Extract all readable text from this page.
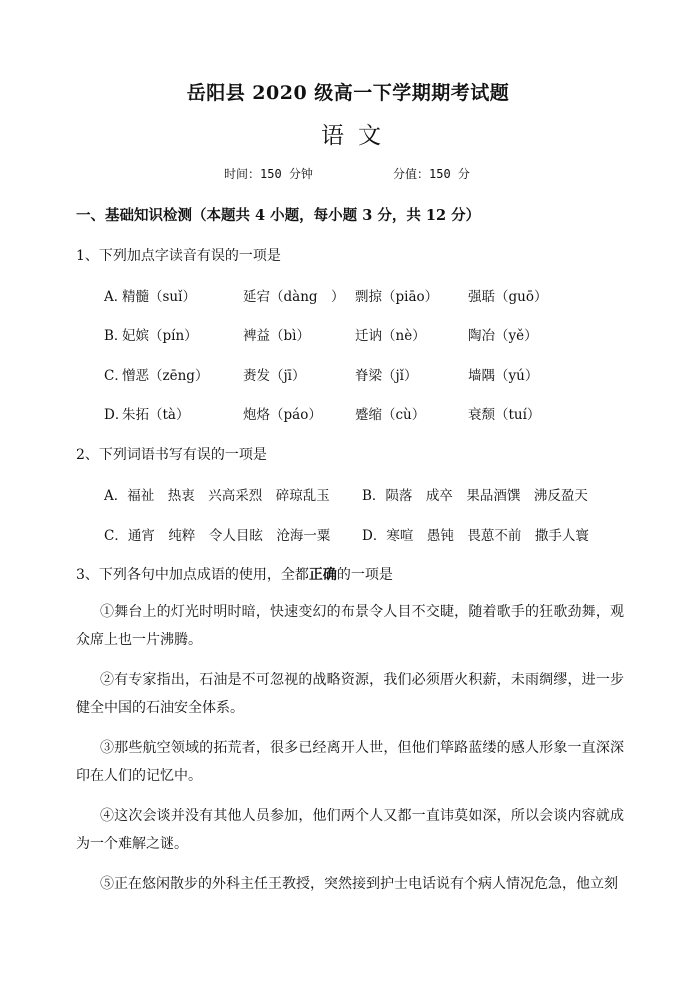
岳阳县 2020 级高一下学期期考试题
语文
时间：150 分钟	分值：150 分
一、基础知识检测（本题共 4 小题，每小题 3 分，共 12 分）
1、下列加点字读音有误的一项是
A．
精髓（suǐ）	延宕（dàng　） 剽掠（piāo） 强聒（guō）
B．
妃嫔（pín）	裨益（bì）	迁讷（nè）	陶冶（yě）
C．
憎恶（zēng）	赉发（jī）	脊梁（jǐ）	墙隅（yú）
D．
朱拓（tà）	炮烙（páo） 蹙缩（cù）	衰颓（tuí）
2、下列词语书写有误的一项是
A．福祉　热衷　兴高采烈　碎琼乱玉 B．陨落　成卒　果品酒馔　沸反盈天
C．通宵　纯粹　令人目眩　沧海一粟 D．寒喧　愚钝　畏葸不前　撒手人寰
3、下列各句中加点成语的使用，全都正确的一项是
①舞台上的灯光时明时暗，快速变幻的布景令人目不交睫，随着歌手的狂歌劲舞，观众席上也一片沸腾。
②有专家指出，石油是不可忽视的战略资源，我们必须厝火积薪，未雨绸缪，进一步健全中国的石油安全体系。
③那些航空领域的拓荒者，很多已经离开人世，但他们筚路蓝缕的感人形象一直深深印在人们的记忆中。
④这次会谈并没有其他人员参加，他们两个人又都一直讳莫如深，所以会谈内容就成为一个难解之谜。
⑤正在悠闲散步的外科主任王教授，突然接到护士电话说有个病人情况危急，他立刻
